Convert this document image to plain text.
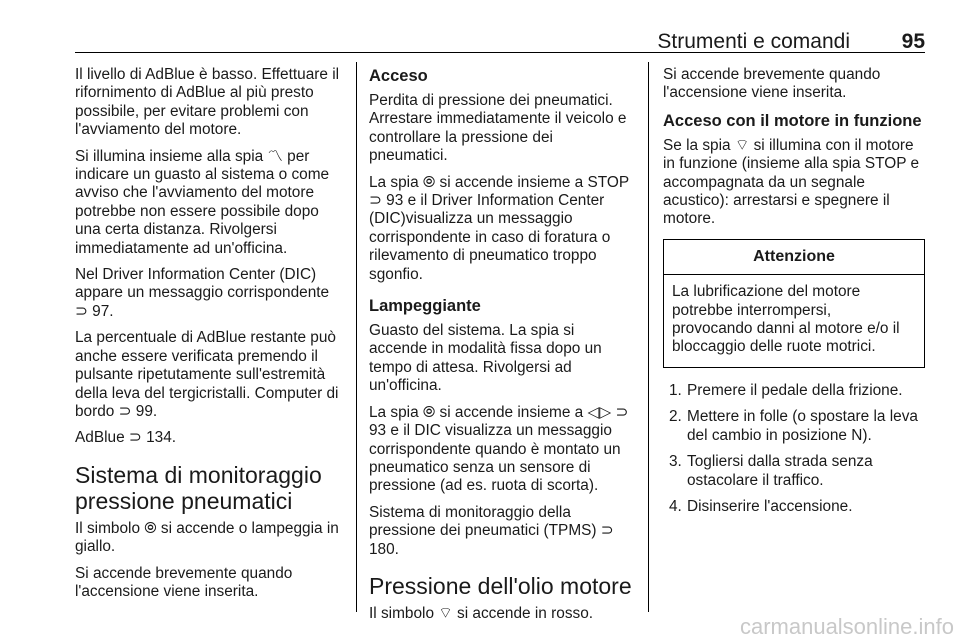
Strumenti e comandi 95

Il livello di AdBlue è basso. Effettuare il rifornimento di AdBlue al più presto possibile, per evitare problemi con l'avviamento del motore.

Si illumina insieme alla spia 〽 per indicare un guasto al sistema o come avviso che l'avviamento del motore potrebbe non essere possibile dopo una certa distanza. Rivolgersi immediatamente ad un'officina.

Nel Driver Information Center (DIC) appare un messaggio corrispondente ⊃ 97.

La percentuale di AdBlue restante può anche essere verificata premendo il pulsante ripetutamente sull'estremità della leva del tergicristalli. Computer di bordo ⊃ 99.

AdBlue ⊃ 134.

Sistema di monitoraggio pressione pneumatici

Il simbolo ⦾ si accende o lampeggia in giallo.

Si accende brevemente quando l'accensione viene inserita.

Acceso

Perdita di pressione dei pneumatici. Arrestare immediatamente il veicolo e controllare la pressione dei pneumatici.

La spia ⦾ si accende insieme a STOP ⊃ 93 e il Driver Information Center (DIC)visualizza un messaggio corrispondente in caso di foratura o rilevamento di pneumatico troppo sgonfio.

Lampeggiante

Guasto del sistema. La spia si accende in modalità fissa dopo un tempo di attesa. Rivolgersi ad un'officina.

La spia ⦾ si accende insieme a ◁▷ ⊃ 93 e il DIC visualizza un messaggio corrispondente quando è montato un pneumatico senza un sensore di pressione (ad es. ruota di scorta).

Sistema di monitoraggio della pressione dei pneumatici (TPMS) ⊃ 180.

Pressione dell'olio motore

Il simbolo ⌔ si accende in rosso.

Si accende brevemente quando l'accensione viene inserita.

Acceso con il motore in funzione

Se la spia ⌔ si illumina con il motore in funzione (insieme alla spia STOP e accompagnata da un segnale acustico): arrestarsi e spegnere il motore.

Attenzione
La lubrificazione del motore potrebbe interrompersi, provocando danni al motore e/o il bloccaggio delle ruote motrici.
1. Premere il pedale della frizione.
2. Mettere in folle (o spostare la leva del cambio in posizione N).
3. Togliersi dalla strada senza ostacolare il traffico.
4. Disinserire l'accensione.
carmanualsonline.info
